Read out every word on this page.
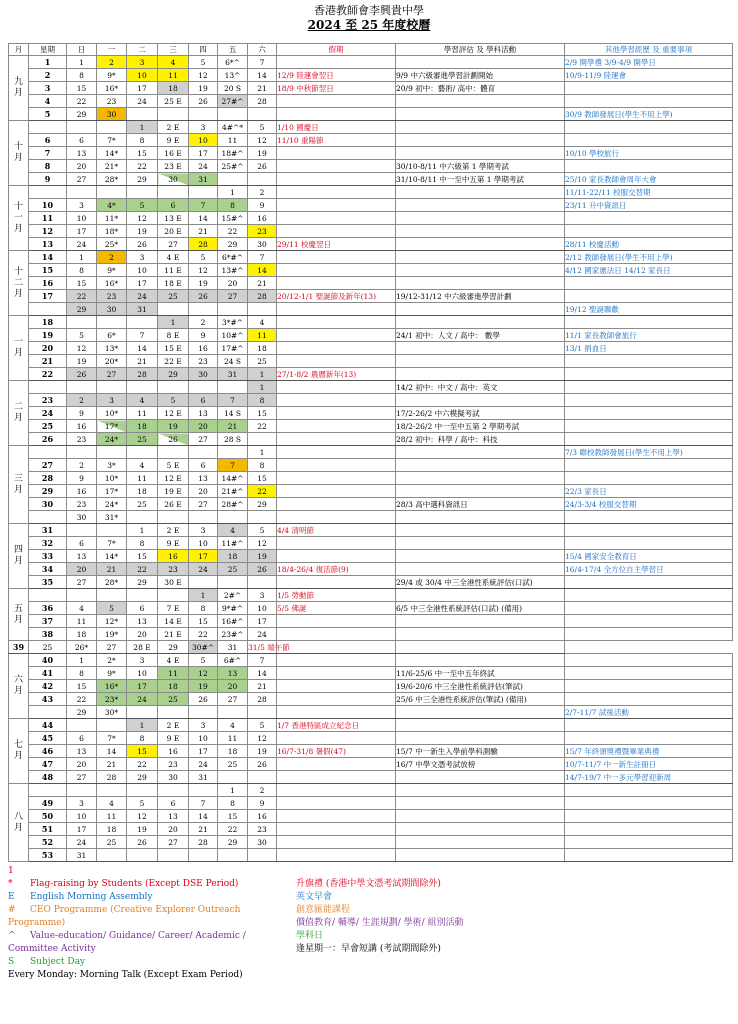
香港教師會李興貴中學
2024 至 25 年度校曆
月	星期	日	一	二	三	四	五	六	假期	學習評估 及 學科活動	其他學習經歷 及 重要事項
九
月	1	1	2	3	4	5	6*^	7			2/9 開學禮 3/9-4/9 開學日
	2	8	9*	10	11	12	13^	14	12/9 陸運會翌日	9/9 中六級審進學習計劃開始	10/9-11/9 陸運會
	3	15	16*	17	18	19	20 S	21	18/9 中秋節翌日	20/9 初中：藝術/ 高中：體育	
	4	22	23	24	25 E	26	27#^	28			
	5	29	30								30/9 教師發展日(學生不用上學)
十
月				1	2 E	3	4#^*	5	1/10 國慶日		
	6	6	7*	8	9 E	10	11	12	11/10 重陽節		
	7	13	14*	15	16 E	17	18#^	19			10/10 學校旅行
	8	20	21*	22	23 E	24	25#^	26		30/10-8/11 中六級第 1 學期考試	
	9	27	28*	29	30	31				31/10-8/11 中一至中五第 1 學期考試	25/10 家長教師會周年大會
十
一
月							1	2			11/11-22/11 校服交替期
	10	3	4*	5	6	7	8	9			23/11 升中資訊日
	11	10	11*	12	13 E	14	15#^	16			
	12	17	18*	19	20 E	21	22	23			
	13	24	25*	26	27	28	29	30	29/11 校慶翌日		28/11 校慶活動
十
二
月	14	1	2	3	4 E	5	6*#^	7			2/12 教師發展日(學生不用上學)
	15	8	9*	10	11 E	12	13#^	14			4/12 國家憲法日 14/12 家長日
	16	15	16*	17	18 E	19	20	21			
	17	22	23	24	25	26	27	28	20/12-1/1 聖誕節及新年(13)	19/12-31/12 中六級審進學習計劃	
		29	30	31							19/12 聖誕聯歡
一
月	18				1	2	3*#^	4			
	19	5	6*	7	8 E	9	10#^	11		24/1 初中：人文 / 高中： 數學	11/1 家長教師會旅行
	20	12	13*	14	15 E	16	17#^	18			13/1 捐血日
	21	19	20*	21	22 E	23	24 S	25			
	22	26	27	28	29	30	31	1	27/1-8/2 農曆新年(13)		
二
月								1		14/2 初中：中文 / 高中：英文	
	23	2	3	4	5	6	7	8			
	24	9	10*	11	12 E	13	14 S	15		17/2-26/2 中六模擬考試	
	25	16	17*	18	19	20	21	22		18/2-26/2 中一至中五第 2 學期考試	
	26	23	24*	25	26	27	28 S			28/2 初中：科學 / 高中：科技	
三
月								1			7/3 聯校教師發展日(學生不用上學)
	27	2	3*	4	5 E	6	7	8			
	28	9	10*	11	12 E	13	14#^	15			
	29	16	17*	18	19 E	20	21#^	22			22/3 家長日
	30	23	24*	25	26 E	27	28#^	29		28/3 高中選科資訊日	24/3-3/4 校服交替期
		30	31*								
四
月	31			1	2 E	3	4	5	4/4 清明節		
	32	6	7*	8	9 E	10	11#^	12			
	33	13	14*	15	16	17	18	19			15/4 國家安全教育日
	34	20	21	22	23	24	25	26	18/4-26/4 復活節(9)		16/4-17/4 全方位自主學習日
	35	27	28*	29	30 E					29/4 或 30/4 中三全港性系統評估(口試)	
五
月						1	2#^	3	1/5 勞動節		
	36	4	5	6	7 E	8	9*#^	10	5/5 佛誕	6/5 中三全港性系統評估(口試) (備用)	
	37	11	12*	13	14 E	15	16#^	17			
	38	18	19*	20	21 E	22	23#^	24			
39	25	26*	27	28 E	29	30#^	31	31/5 端午節			
六
月	40	1	2*	3	4 E	5	6#^	7			
	41	8	9*	10	11	12	13	14		11/6-25/6 中一至中五年終試	
	42	15	16*	17	18	19	20	21		19/6-20/6 中三全港性系統評估(筆試)	
	43	22	23*	24	25	26	27	28		25/6 中三全港性系統評估(筆試) (備用)	
		29	30*								2/7-11/7 試後活動
七
月	44			1	2 E	3	4	5	1/7 香港特區成立紀念日		
	45	6	7*	8	9 E	10	11	12			
	46	13	14	15	16	17	18	19	16/7-31/8 暑假(47)	15/7 中一新生入學前學科測驗	15/7 年終頒獎禮暨畢業典禮
	47	20	21	22	23	24	25	26		16/7 中學文憑考試放榜	10/7-11/7 中一新生註冊日
	48	27	28	29	30	31					14/7-19/7 中一多元學習迎新周
八
月							1	2			
	49	3	4	5	6	7	8	9			
	50	10	11	12	13	14	15	16			
	51	17	18	19	20	21	22	23			
	52	24	25	26	27	28	29	30			
	53	31									
1
* Flag-raising by Students (Except DSE Period)
E English Morning Assembly
# CEO Programme (Creative Explorer Outreach Programme)
^ Value-education/ Guidance/ Career/ Academic / Committee Activity
S Subject Day
Every Monday: Morning Talk (Except Exam Period)
升旗禮 (香港中學文憑考試期間除外)
英文早會
創意匯能課程
價值教育/ 輔導/ 生涯規劃/ 學術/ 組別活動
學科日
逢星期一：早會短講 (考試期間除外)
